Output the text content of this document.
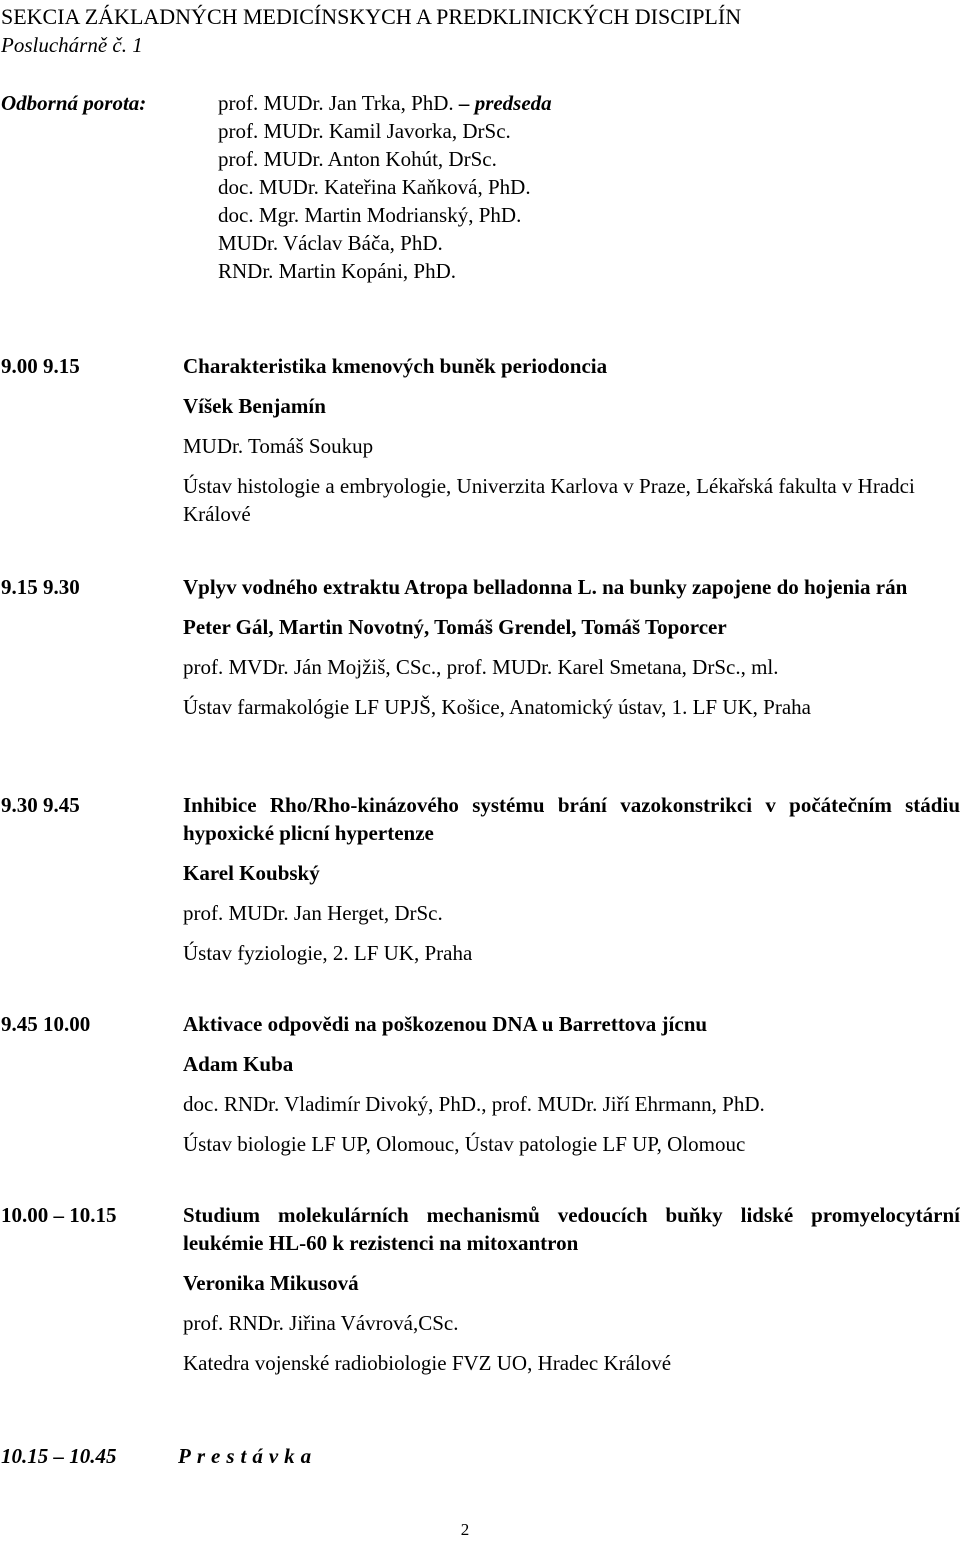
SEKCIA ZÁKLADNÝCH MEDICÍNSKYCH A PREDKLINICKÝCH DISCIPLÍN
Posluchárně č. 1
Odborná porota:	prof. MUDr. Jan Trka, PhD. – predseda
prof. MUDr. Kamil Javorka, DrSc.
prof. MUDr. Anton Kohút, DrSc.
doc. MUDr. Kateřina Kaňková, PhD.
doc. Mgr. Martin Modrianský, PhD.
MUDr. Václav Báča, PhD.
RNDr. Martin Kopáni, PhD.
9.00 9.15	Charakteristika kmenových buněk periodoncia

Víšek Benjamín
MUDr. Tomáš Soukup
Ústav histologie a embryologie, Univerzita Karlova v Praze, Lékařská fakulta v Hradci Králové
9.15 9.30	Vplyv vodného extraktu Atropa belladonna L. na bunky zapojene do hojenia rán

Peter Gál, Martin Novotný, Tomáš Grendel, Tomáš Toporcer
prof. MVDr. Ján Mojžiš, CSc., prof. MUDr. Karel Smetana, DrSc., ml.
Ústav farmakológie LF UPJŠ, Košice, Anatomický ústav, 1. LF UK, Praha
9.30 9.45	Inhibice Rho/Rho-kinázového systému brání vazokonstrikci v počátečním stádiu hypoxické plicní hypertenze

Karel Koubský
prof. MUDr. Jan Herget, DrSc.
Ústav fyziologie, 2. LF UK, Praha
9.45 10.00	Aktivace odpovědi na poškozenou DNA u Barrettova jícnu

Adam Kuba
doc. RNDr. Vladimír Divoký, PhD., prof. MUDr. Jiří Ehrmann, PhD.
Ústav biologie LF UP, Olomouc, Ústav patologie LF UP, Olomouc
10.00 – 10.15	Studium molekulárních mechanismů vedoucích buňky lidské promyelocytární leukémie HL-60 k rezistenci na mitoxantron

Veronika Mikusová
prof. RNDr. Jiřina Vávrová,CSc.
Katedra vojenské radiobiologie FVZ UO, Hradec Králové
10.15 – 10.45	Prestávka
2
